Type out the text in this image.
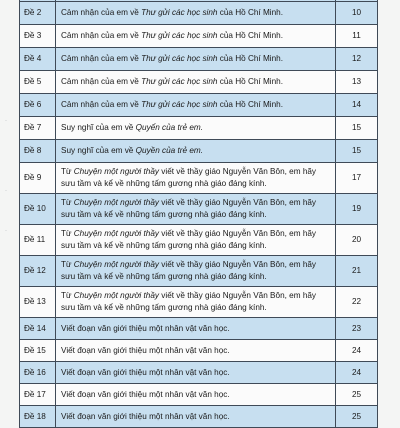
·
·
·

Đề 2	Cảm nhận của em về Thư gửi các học sinh của Hồ Chí Minh.	10
Đề 3	Cảm nhận của em về Thư gửi các học sinh của Hồ Chí Minh.	11
Đề 4	Cảm nhận của em về Thư gửi các học sinh của Hồ Chí Minh.	12
Đề 5	Cảm nhận của em về Thư gửi các học sinh của Hồ Chí Minh.	13
Đề 6	Cảm nhận của em về Thư gửi các học sinh của Hồ Chí Minh.	14
Đề 7	Suy nghĩ của em về Quyển của trẻ em.	15
Đề 8	Suy nghĩ của em về Quyền của trẻ em.	15
Đề 9	Từ Chuyện một người thầy viết về thầy giáo Nguyễn Văn Bôn, em hãy sưu tầm và kể về những tấm gương nhà giáo đáng kính.	17
Đề 10	Từ Chuyện một người thầy viết về thầy giáo Nguyễn Văn Bôn, em hãy sưu tầm và kể về những tấm gương nhà giáo đáng kính.	19
Đề 11	Từ Chuyện một người thầy viết về thầy giáo Nguyễn Văn Bôn, em hãy sưu tầm và kể về những tấm gương nhà giáo đáng kính.	20
Đề 12	Từ Chuyện một người thầy viết về thầy giáo Nguyễn Văn Bôn, em hãy sưu tầm và kể về những tấm gương nhà giáo đáng kính.	21
Đề 13	Từ Chuyện một người thầy viết về thầy giáo Nguyễn Văn Bôn, em hãy sưu tầm và kể về những tấm gương nhà giáo đáng kính.	22
Đề 14	Viết đoạn văn giới thiệu một nhân vật văn học.	23
Đề 15	Viết đoạn văn giới thiệu một nhân vật văn học.	24
Đề 16	Viết đoạn văn giới thiệu một nhân vật văn học.	24
Đề 17	Viết đoạn văn giới thiệu một nhân vật văn học.	25
Đề 18	Viết đoạn văn giới thiệu một nhân vật văn học.	25
